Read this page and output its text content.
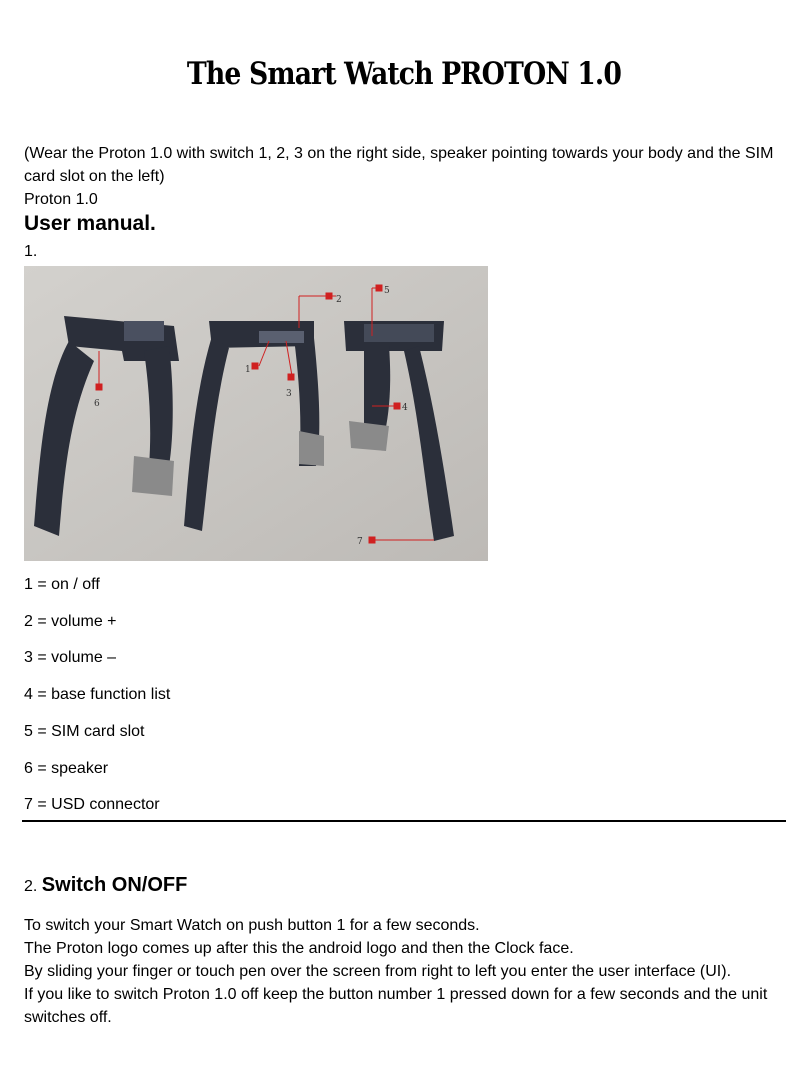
The Smart Watch PROTON 1.0
(Wear the Proton 1.0 with switch 1, 2, 3 on the right side, speaker pointing towards your body and the SIM card slot on the left)
Proton 1.0
User manual.
1.
1
2
3
4
5
6
7
1 = on / off
2 = volume +
3 = volume –
4 = base function list
5 = SIM card slot
6 = speaker
7 = USD connector
2. Switch ON/OFF
To switch your Smart Watch on push button 1 for a few seconds.
The Proton logo comes up after this the android logo and then the Clock face.
By sliding your finger or touch pen over the screen from right to left you enter the user interface (UI).
If you like to switch Proton 1.0 off keep the button number 1 pressed down for a few seconds and the unit switches off.
